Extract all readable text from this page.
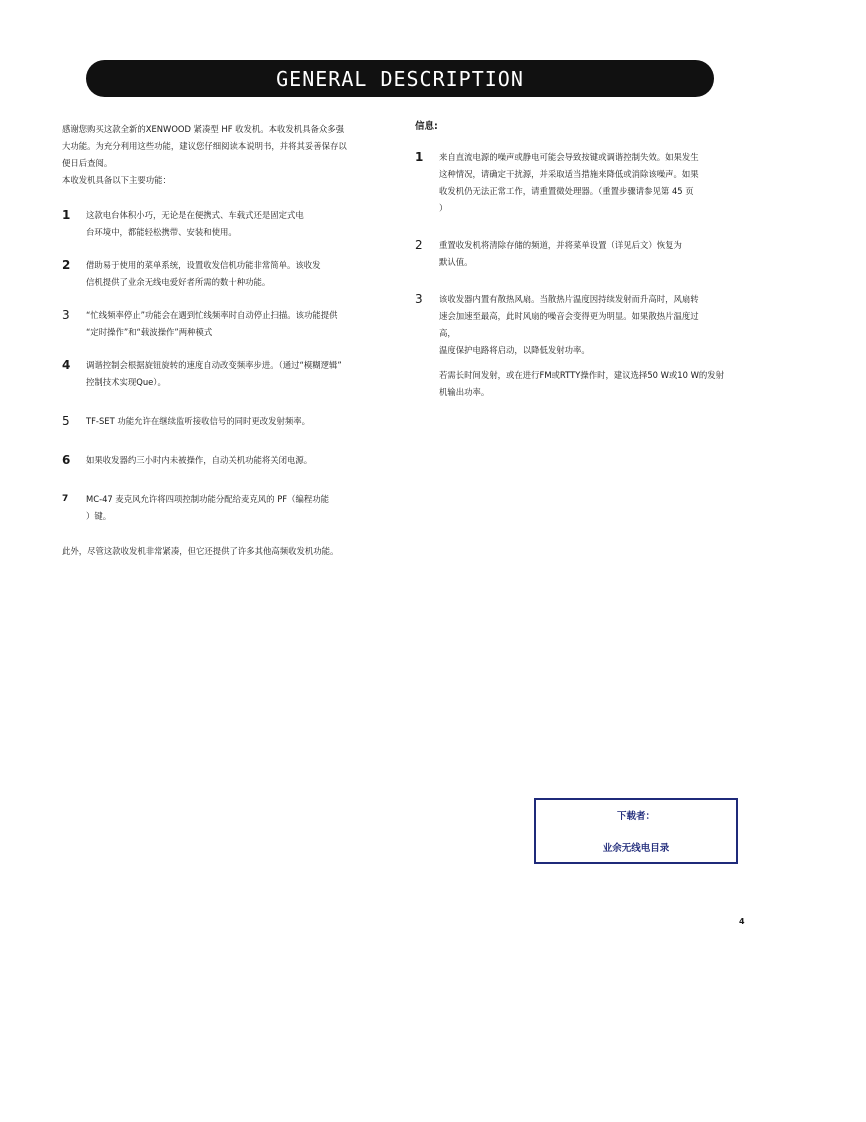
GENERAL DESCRIPTION

感谢您购买这款全新的XENWOOD 紧凑型 HF 收发机。本收发机具备众多强

大功能。为充分利用这些功能，建议您仔细阅读本说明书，并将其妥善保存以

便日后查阅。

本收发机具备以下主要功能：

1	这款电台体积小巧，无论是在便携式、车载式还是固定式电
台环境中，都能轻松携带、安装和使用。
2	借助易于使用的菜单系统，设置收发信机功能非常简单。该收发
信机提供了业余无线电爱好者所需的数十种功能。
3	“忙线频率停止”功能会在遇到忙线频率时自动停止扫描。该功能提供
“定时操作”和“载波操作”两种模式
4	调谐控制会根据旋钮旋转的速度自动改变频率步进。（通过“模糊逻辑”
控制技术实现Que）。
5	TF-SET 功能允许在继续监听接收信号的同时更改发射频率。
6	如果收发器约三小时内未被操作，自动关机功能将关闭电源。
7	MC-47 麦克风允许将四项控制功能分配给麦克风的 PF（编程功能
）键。

此外，尽管这款收发机非常紧凑，但它还提供了许多其他高频收发机功能。

信息:

1	来自直流电源的噪声或静电可能会导致按键或调谐控制失效。如果发生
这种情况，请确定干扰源，并采取适当措施来降低或消除该噪声。如果
收发机仍无法正常工作，请重置微处理器。（重置步骤请参见第 45 页
）
2	重置收发机将清除存储的频道，并将菜单设置（详见后文）恢复为
默认值。
3	该收发器内置有散热风扇。当散热片温度因持续发射而升高时，风扇转
速会加速至最高，此时风扇的噪音会变得更为明显。如果散热片温度过
高，
温度保护电路将启动，以降低发射功率。
若需长时间发射，或在进行FM或RTTY操作时，建议选择50 W或10 W的发射
机输出功率。
下载者：
业余无线电目录
4
